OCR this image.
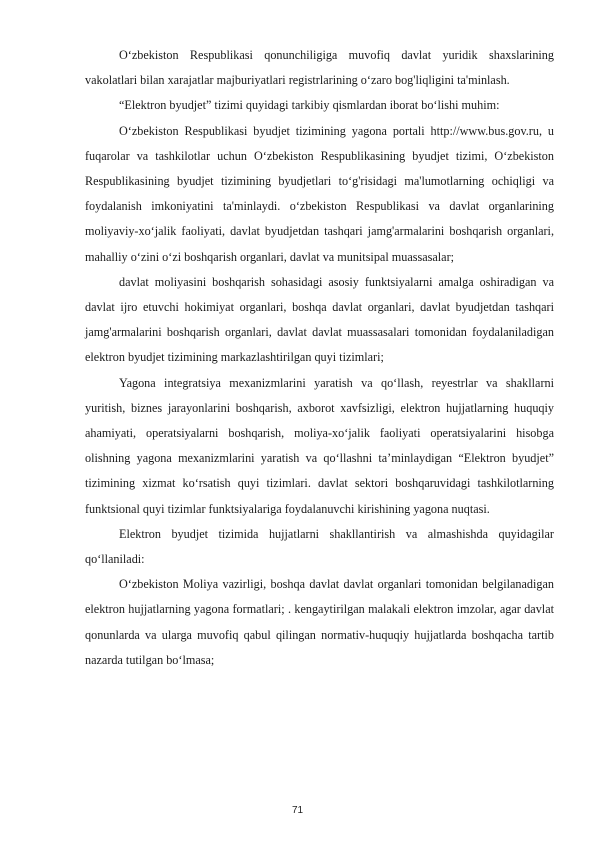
O‘zbekiston Respublikasi qonunchiligiga muvofiq davlat yuridik shaxslarining vakolatlari bilan xarajatlar majburiyatlari registrlarining o‘zaro bog'liqligini ta'minlash.

“Elektron byudjet” tizimi quyidagi tarkibiy qismlardan iborat bo‘lishi muhim:

O‘zbekiston Respublikasi byudjet tizimining yagona portali http://www.bus.gov.ru, u fuqarolar va tashkilotlar uchun O‘zbekiston Respublikasining byudjet tizimi, O‘zbekiston Respublikasining byudjet tizimining byudjetlari to‘g'risidagi ma'lumotlarning ochiqligi va foydalanish imkoniyatini ta'minlaydi. o‘zbekiston Respublikasi va davlat organlarining moliyaviy-xo‘jalik faoliyati, davlat byudjetdan tashqari jamg'armalarini boshqarish organlari, mahalliy o‘zini o‘zi boshqarish organlari, davlat va munitsipal muassasalar;

davlat moliyasini boshqarish sohasidagi asosiy funktsiyalarni amalga oshiradigan va davlat ijro etuvchi hokimiyat organlari, boshqa davlat organlari, davlat byudjetdan tashqari jamg'armalarini boshqarish organlari, davlat davlat muassasalari tomonidan foydalaniladigan elektron byudjet tizimining markazlashtirilgan quyi tizimlari;

Yagona integratsiya mexanizmlarini yaratish va qo‘llash, reyestrlar va shakllarni yuritish, biznes jarayonlarini boshqarish, axborot xavfsizligi, elektron hujjatlarning huquqiy ahamiyati, operatsiyalarni boshqarish, moliya-xo‘jalik faoliyati operatsiyalarini hisobga olishning yagona mexanizmlarini yaratish va qo‘llashni ta’minlaydigan “Elektron byudjet” tizimining xizmat ko‘rsatish quyi tizimlari. davlat sektori boshqaruvidagi tashkilotlarning funktsional quyi tizimlar funktsiyalariga foydalanuvchi kirishining yagona nuqtasi.

Elektron byudjet tizimida hujjatlarni shakllantirish va almashishda quyidagilar qo‘llaniladi:

O‘zbekiston Moliya vazirligi, boshqa davlat davlat organlari tomonidan belgilanadigan elektron hujjatlarning yagona formatlari; . kengaytirilgan malakali elektron imzolar, agar davlat qonunlarda va ularga muvofiq qabul qilingan normativ-huquqiy hujjatlarda boshqacha tartib nazarda tutilgan bo‘lmasa;

71
